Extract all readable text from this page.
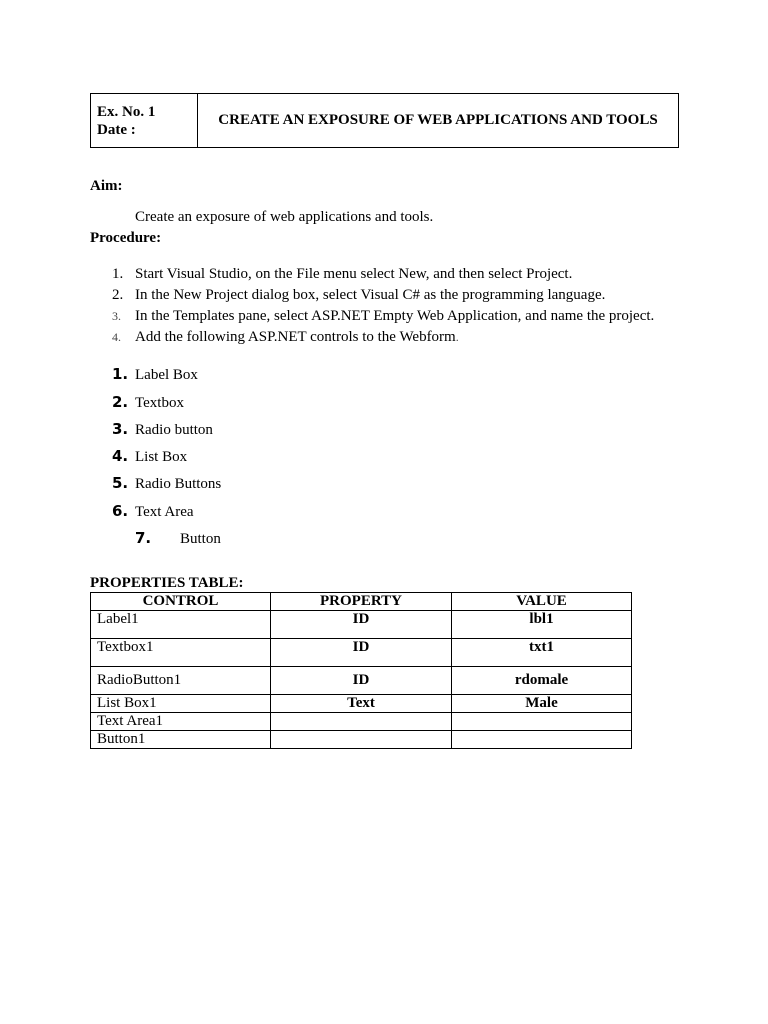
Ex. No. 1
Date :
CREATE AN EXPOSURE OF WEB APPLICATIONS AND TOOLS
Aim:
Create an exposure of web applications and tools.
Procedure:
1. Start Visual Studio, on the File menu select New, and then select Project.
2. In the New Project dialog box, select Visual C# as the programming language.
3. In the Templates pane, select ASP.NET Empty Web Application, and name the project.
4. Add the following ASP.NET controls to the Webform.
1. Label Box
2. Textbox
3. Radio button
4. List Box
5. Radio Buttons
6. Text Area
7. Button
PROPERTIES TABLE:
CONTROL	PROPERTY	VALUE
Label1	ID	lbl1
Textbox1	ID	txt1
RadioButton1	ID	rdomale
List Box1	Text	Male
Text Area1		
Button1		
